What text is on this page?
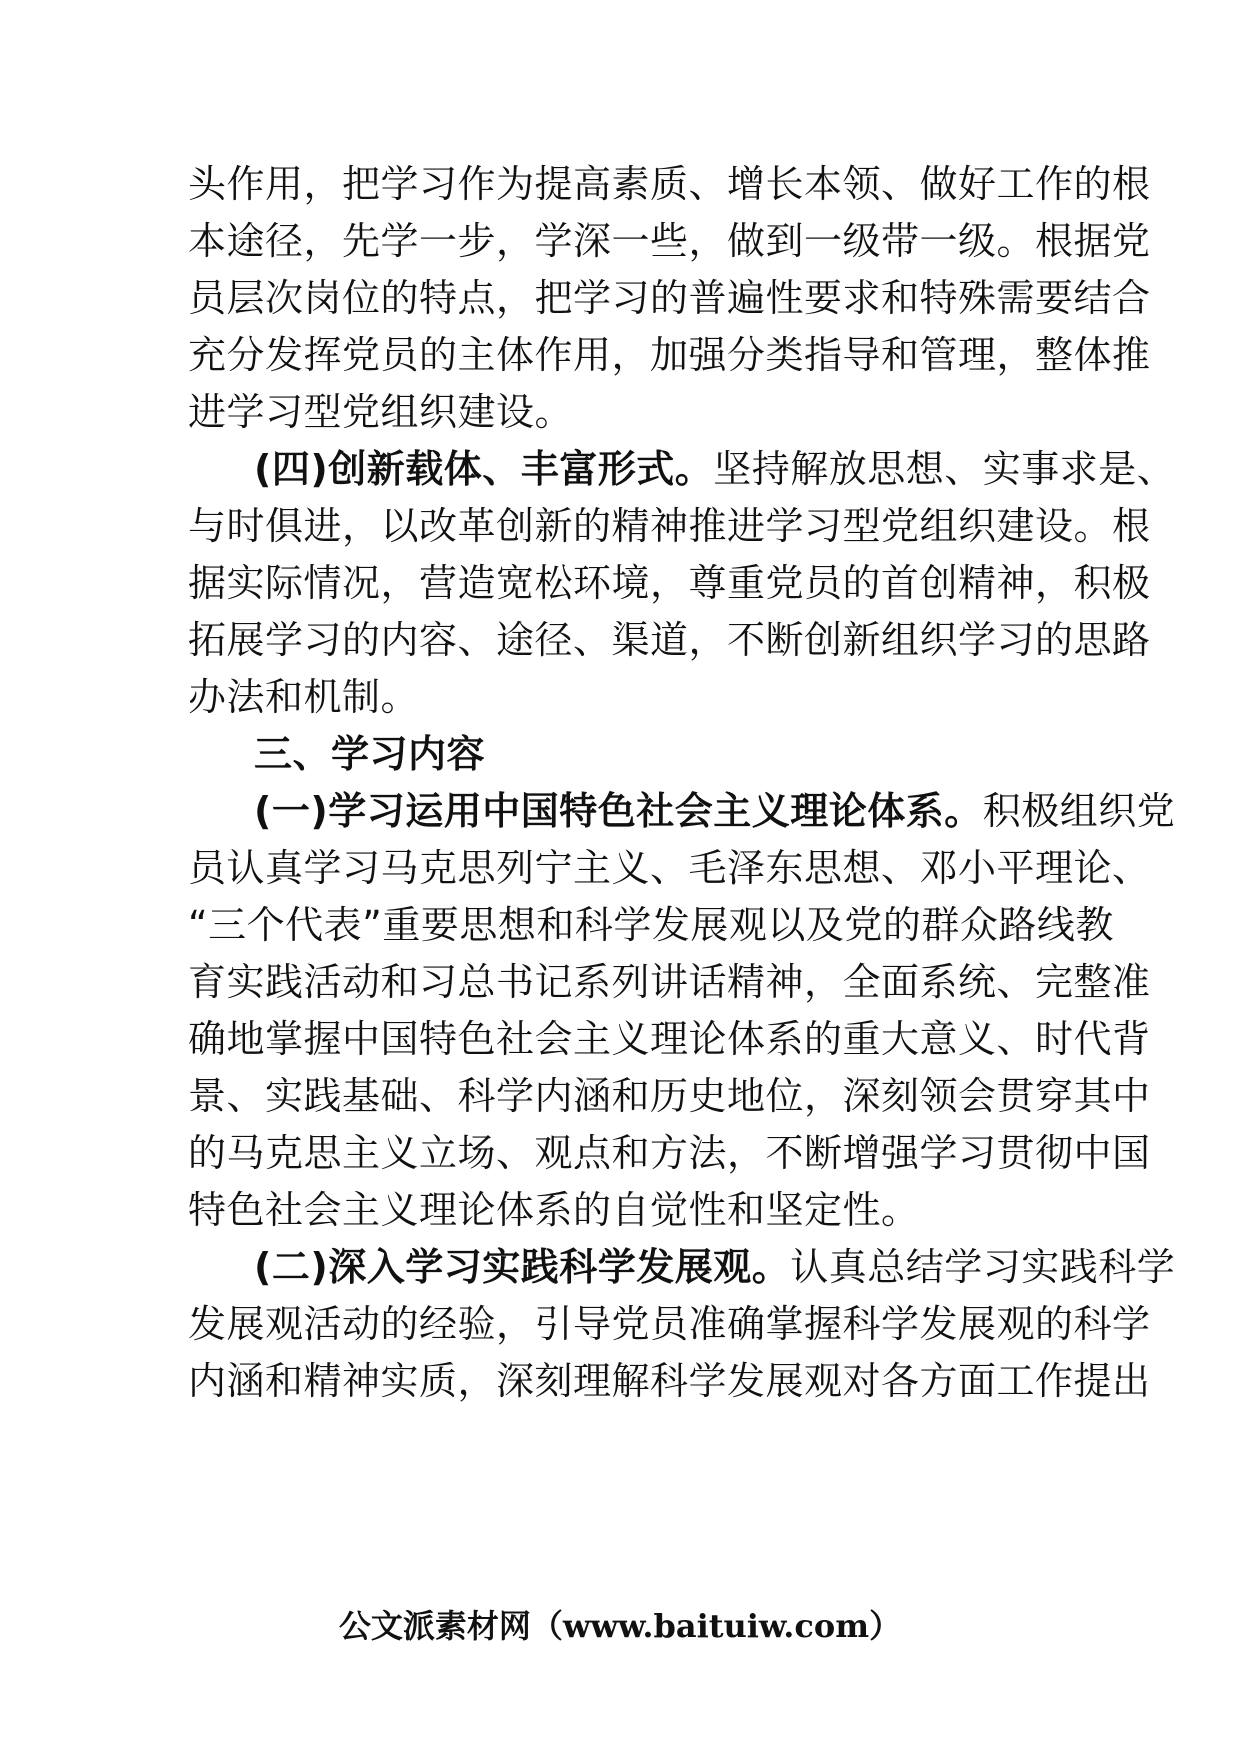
头作用，把学习作为提高素质、增长本领、做好工作的根
本途径，先学一步，学深一些，做到一级带一级。根据党
员层次岗位的特点，把学习的普遍性要求和特殊需要结合
充分发挥党员的主体作用，加强分类指导和管理，整体推
进学习型党组织建设。
(四)创新载体、丰富形式。坚持解放思想、实事求是、
与时俱进，以改革创新的精神推进学习型党组织建设。根
据实际情况，营造宽松环境，尊重党员的首创精神，积极
拓展学习的内容、途径、渠道，不断创新组织学习的思路
办法和机制。
三、学习内容
(一)学习运用中国特色社会主义理论体系。积极组织党
员认真学习马克思列宁主义、毛泽东思想、邓小平理论、
“三个代表”重要思想和科学发展观以及党的群众路线教
育实践活动和习总书记系列讲话精神，全面系统、完整准
确地掌握中国特色社会主义理论体系的重大意义、时代背
景、实践基础、科学内涵和历史地位，深刻领会贯穿其中
的马克思主义立场、观点和方法，不断增强学习贯彻中国
特色社会主义理论体系的自觉性和坚定性。
(二)深入学习实践科学发展观。认真总结学习实践科学
发展观活动的经验，引导党员准确掌握科学发展观的科学
内涵和精神实质，深刻理解科学发展观对各方面工作提出
公文派素材网（www.baituiw.com）
